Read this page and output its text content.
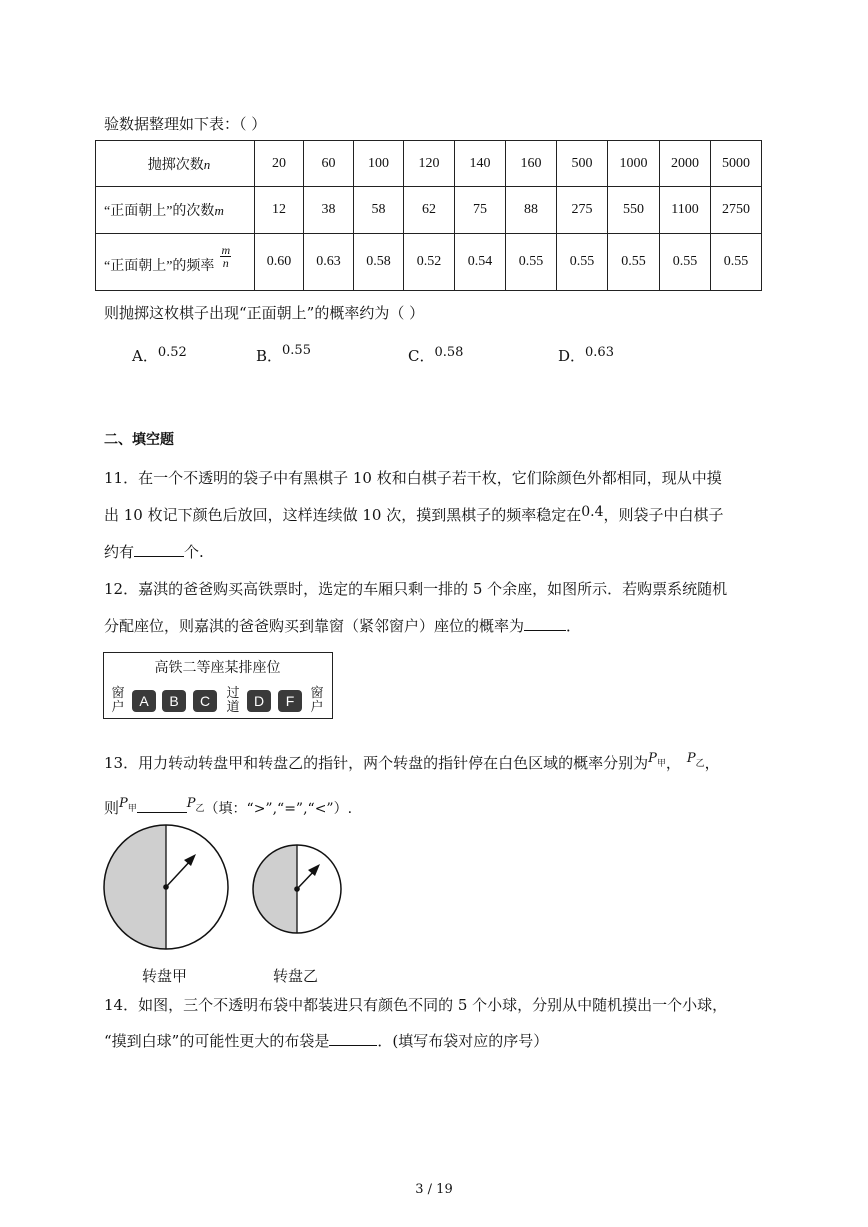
验数据整理如下表：（ ）
抛掷次数n	20	60	100	120	140	160	500	1000	2000	5000
“正面朝上”的次数m	12	38	58	62	75	88	275	550	1100	2750
“正面朝上”的频率 $\frac{m}{n}$	0.60	0.63	0.58	0.52	0.54	0.55	0.55	0.55	0.55	0.55
则抛掷这枚棋子出现“正面朝上”的概率约为（ ）
A．0.52	B．0.55	C．0.58	D．0.63
二、填空题
11．在一个不透明的袋子中有黑棋子 10 枚和白棋子若干枚，它们除颜色外都相同，现从中摸
出 10 枚记下颜色后放回，这样连续做 10 次，摸到黑棋子的频率稳定在0.4，则袋子中白棋子
约有	个.
12．嘉淇的爸爸购买高铁票时，选定的车厢只剩一排的 5 个余座，如图所示．若购票系统随机
分配座位，则嘉淇的爸爸购买到靠窗（紧邻窗户）座位的概率为	．
高铁二等座某排座位
窗
户	A	B	C	过
道	D	F	窗
户
13．用力转动转盘甲和转盘乙的指针，两个转盘的指针停在白色区域的概率分别为P甲， P乙，
则P甲	P乙（填：“>”,“=”,“<”）.
转盘甲	转盘乙
14．如图，三个不透明布袋中都装进只有颜色不同的 5 个小球，分别从中随机摸出一个小球，
“摸到白球”的可能性更大的布袋是	．(填写布袋对应的序号）
3 / 19
